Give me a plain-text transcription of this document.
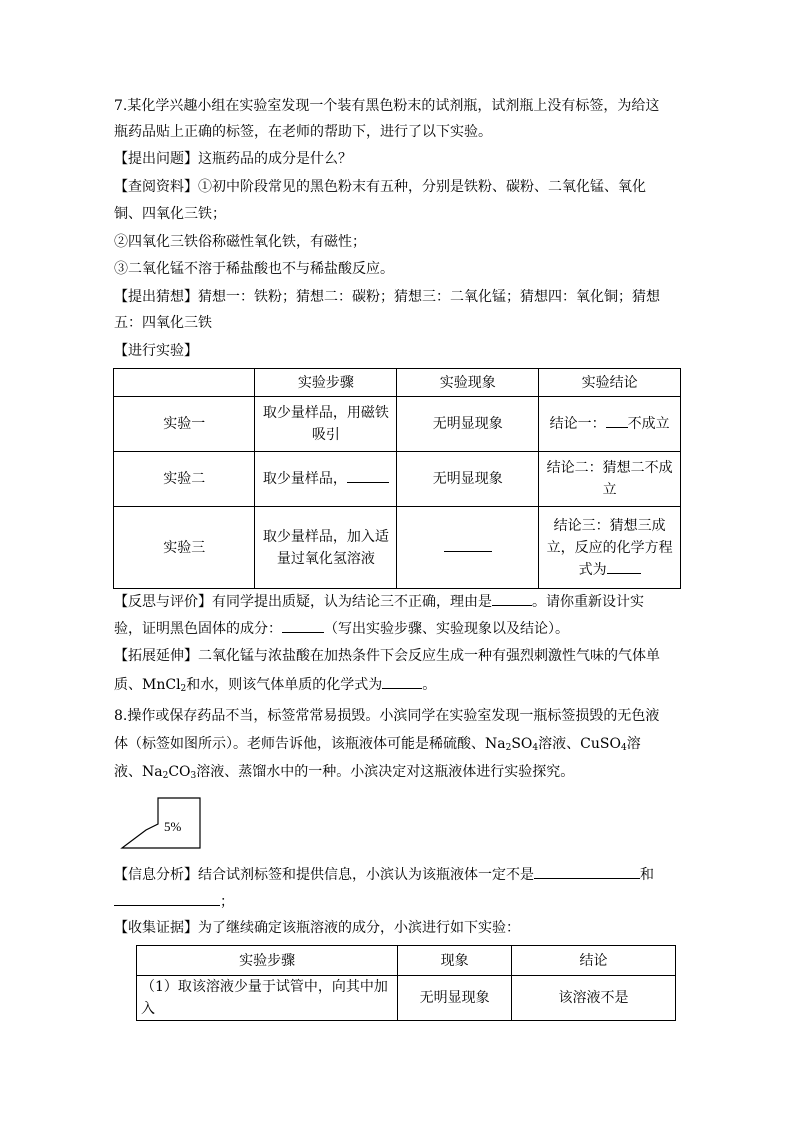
7.某化学兴趣小组在实验室发现一个装有黑色粉末的试剂瓶，试剂瓶上没有标签，为给这
瓶药品贴上正确的标签，在老师的帮助下，进行了以下实验。
【提出问题】这瓶药品的成分是什么？
【查阅资料】①初中阶段常见的黑色粉末有五种，分别是铁粉、碳粉、二氧化锰、氧化
铜、四氧化三铁；
②四氧化三铁俗称磁性氧化铁，有磁性；
③二氧化锰不溶于稀盐酸也不与稀盐酸反应。
【提出猜想】猜想一：铁粉；猜想二：碳粉；猜想三：二氧化锰；猜想四：氧化铜；猜想
五：四氧化三铁
【进行实验】
	实验步骤	实验现象	实验结论
实验一	取少量样品，用磁铁
吸引	无明显现象	结论一： 不成立
实验二	取少量样品，	无明显现象	结论二：猜想二不成
立
实验三	取少量样品，加入适
量过氧化氢溶液		结论三：猜想三成
立，反应的化学方程
式为
【反思与评价】有同学提出质疑，认为结论三不正确，理由是	。请你重新设计实
验，证明黑色固体的成分：	（写出实验步骤、实验现象以及结论）。
【拓展延伸】二氧化锰与浓盐酸在加热条件下会反应生成一种有强烈刺激性气味的气体单
质、MnCl$_2$和水，则该气体单质的化学式为	。
8.操作或保存药品不当，标签常常易损毁。小滨同学在实验室发现一瓶标签损毁的无色液
体（标签如图所示）。老师告诉他，该瓶液体可能是稀硫酸、$Na_2SO_4$溶液、CuSO$_4$溶
液、$Na_2CO_3$溶液、蒸馏水中的一种。小滨决定对这瓶液体进行实验探究。
5%
【信息分析】结合试剂标签和提供信息，小滨认为该瓶液体一定不是	和
；
【收集证据】为了继续确定该瓶溶液的成分，小滨进行如下实验：
实验步骤	现象	结论
（1）取该溶液少量于试管中，向其中加入	无明显现象	该溶液不是
